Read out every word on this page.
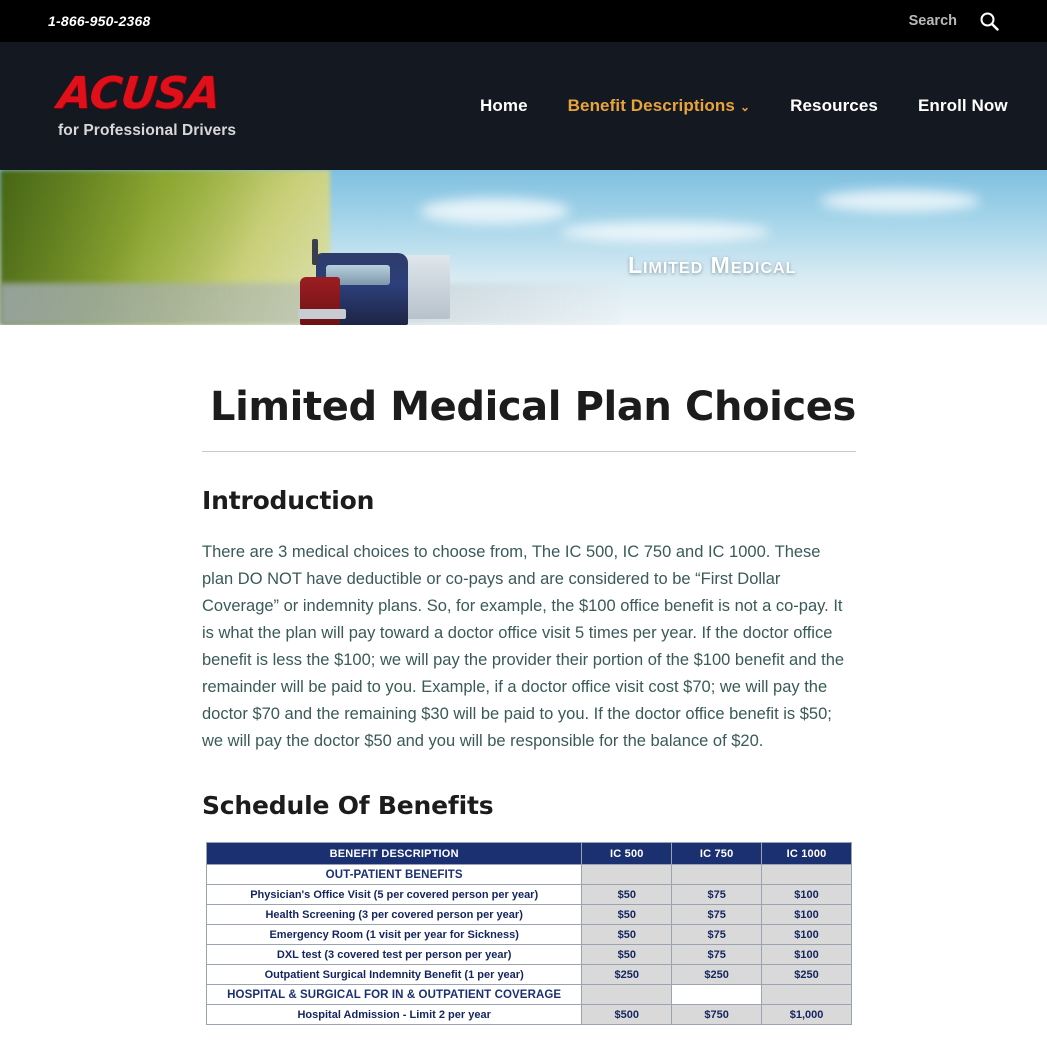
1-866-950-2368	Search
ACUSA
for Professional Drivers
Home Benefit Descriptions ⌄ Resources Enroll Now
Limited Medical
Limited Medical Plan Choices
Introduction

There are 3 medical choices to choose from, The IC 500, IC 750 and IC 1000. These plan DO NOT have deductible or co-pays and are considered to be “First Dollar Coverage” or indemnity plans. So, for example, the $100 office benefit is not a co-pay. It is what the plan will pay toward a doctor office visit 5 times per year. If the doctor office benefit is less the $100; we will pay the provider their portion of the $100 benefit and the remainder will be paid to you. Example, if a doctor office visit cost $70; we will pay the doctor $70 and the remaining $30 will be paid to you. If the doctor office benefit is $50; we will pay the doctor $50 and you will be responsible for the balance of $20.

Schedule Of Benefits
BENEFIT DESCRIPTION	IC 500	IC 750	IC 1000
OUT-PATIENT BENEFITS			
Physician's Office Visit (5 per covered person per year)	$50	$75	$100
Health Screening (3 per covered person per year)	$50	$75	$100
Emergency Room (1 visit per year for Sickness)	$50	$75	$100
DXL test (3 covered test per person per year)	$50	$75	$100
Outpatient Surgical Indemnity Benefit (1 per year)	$250	$250	$250
HOSPITAL & SURGICAL FOR IN & OUTPATIENT COVERAGE			
Hospital Admission - Limit 2 per year	$500	$750	$1,000
